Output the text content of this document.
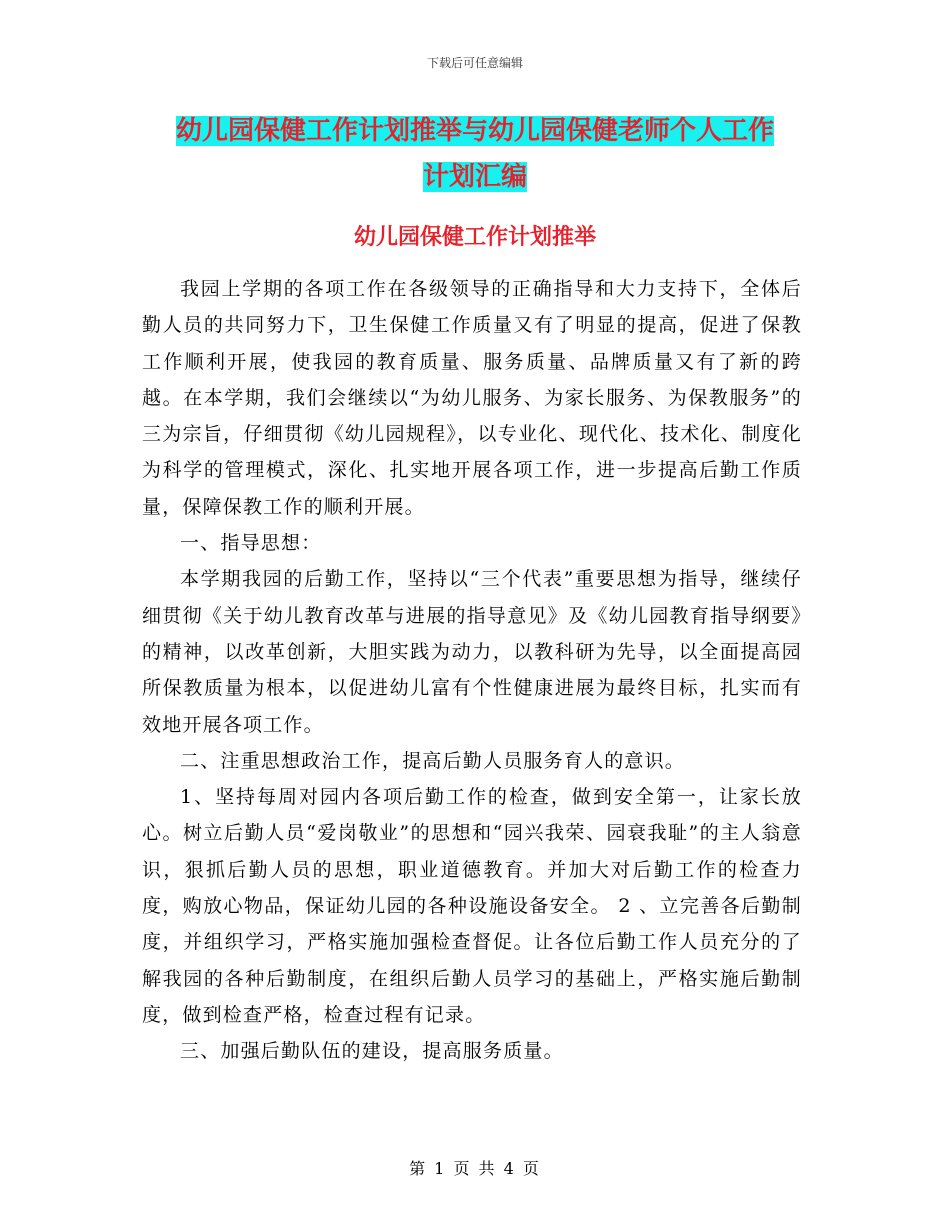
下载后可任意编辑
幼儿园保健工作计划推举与幼儿园保健老师个人工作
计划汇编
幼儿园保健工作计划推举

我园上学期的各项工作在各级领导的正确指导和大力支持下，全体后勤人员的共同努力下，卫生保健工作质量又有了明显的提高，促进了保教工作顺利开展，使我园的教育质量、服务质量、品牌质量又有了新的跨越。在本学期，我们会继续以“为幼儿服务、为家长服务、为保教服务”的三为宗旨，仔细贯彻《幼儿园规程》，以专业化、现代化、技术化、制度化为科学的管理模式，深化、扎实地开展各项工作，进一步提高后勤工作质量，保障保教工作的顺利开展。

一、指导思想：

本学期我园的后勤工作，坚持以“三个代表”重要思想为指导，继续仔细贯彻《关于幼儿教育改革与进展的指导意见》及《幼儿园教育指导纲要》的精神，以改革创新，大胆实践为动力，以教科研为先导，以全面提高园所保教质量为根本，以促进幼儿富有个性健康进展为最终目标，扎实而有效地开展各项工作。

二、注重思想政治工作，提高后勤人员服务育人的意识。

1、坚持每周对园内各项后勤工作的检查，做到安全第一，让家长放心。树立后勤人员“爱岗敬业”的思想和“园兴我荣、园衰我耻”的主人翁意识，狠抓后勤人员的思想，职业道德教育。并加大对后勤工作的检查力度，购放心物品，保证幼儿园的各种设施设备安全。 2 、立完善各后勤制度，并组织学习，严格实施加强检查督促。让各位后勤工作人员充分的了解我园的各种后勤制度，在组织后勤人员学习的基础上，严格实施后勤制度，做到检查严格，检查过程有记录。

三、加强后勤队伍的建设，提高服务质量。

第 1 页 共 4 页
